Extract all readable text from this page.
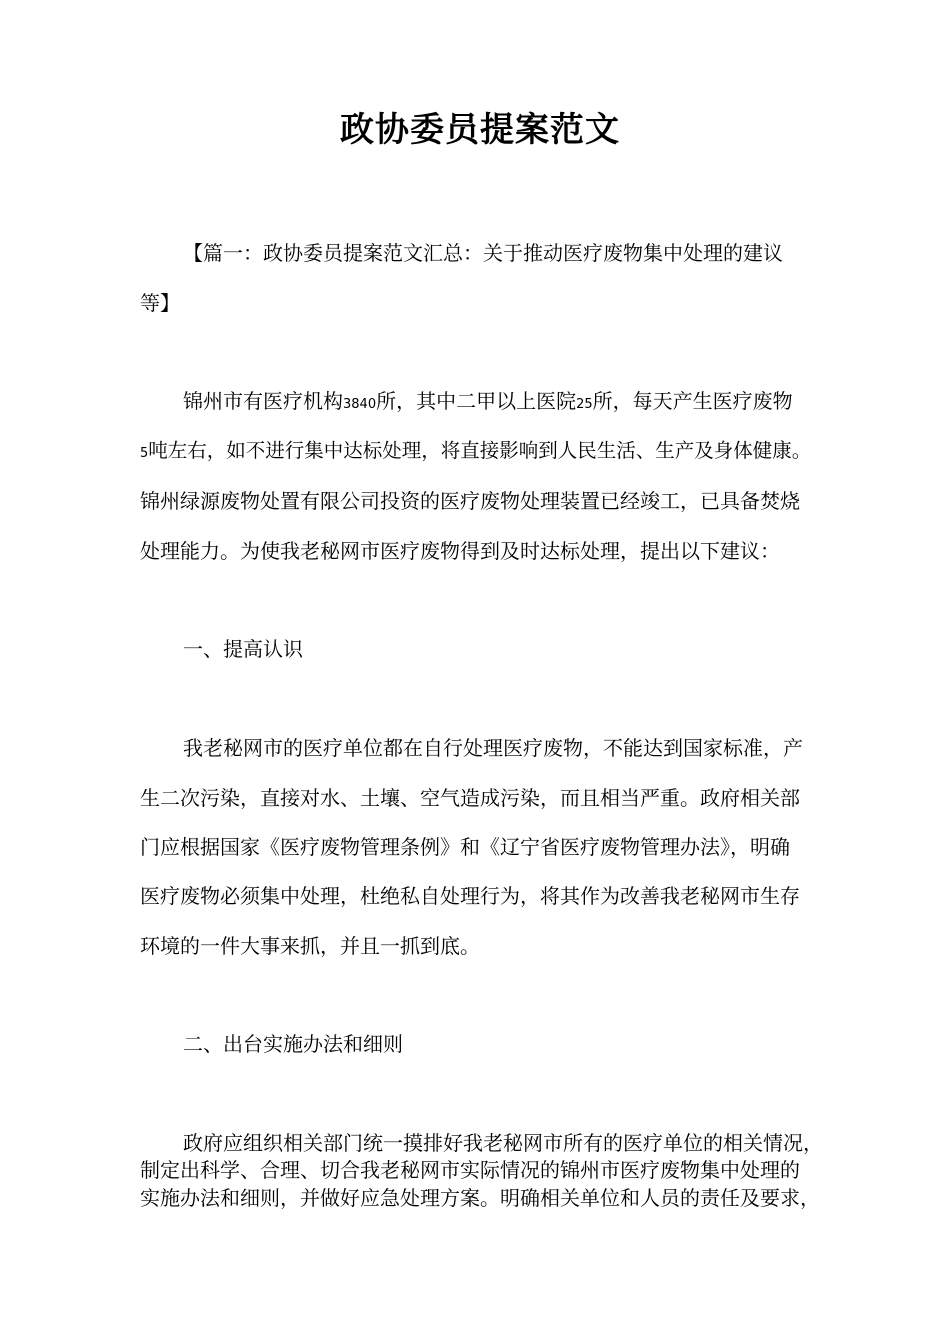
政协委员提案范文
【篇一：政协委员提案范文汇总：关于推动医疗废物集中处理的建议
等】
锦州市有医疗机构3840所，其中二甲以上医院25所，每天产生医疗废物
5吨左右，如不进行集中达标处理，将直接影响到人民生活、生产及身体健康。
锦州绿源废物处置有限公司投资的医疗废物处理装置已经竣工，已具备焚烧
处理能力。为使我老秘网市医疗废物得到及时达标处理，提出以下建议：
一、提高认识
我老秘网市的医疗单位都在自行处理医疗废物，不能达到国家标准，产
生二次污染，直接对水、土壤、空气造成污染，而且相当严重。政府相关部
门应根据国家《医疗废物管理条例》和《辽宁省医疗废物管理办法》，明确
医疗废物必须集中处理，杜绝私自处理行为，将其作为改善我老秘网市生存
环境的一件大事来抓，并且一抓到底。
二、出台实施办法和细则
政府应组织相关部门统一摸排好我老秘网市所有的医疗单位的相关情况，
制定出科学、合理、切合我老秘网市实际情况的锦州市医疗废物集中处理的
实施办法和细则，并做好应急处理方案。明确相关单位和人员的责任及要求，
